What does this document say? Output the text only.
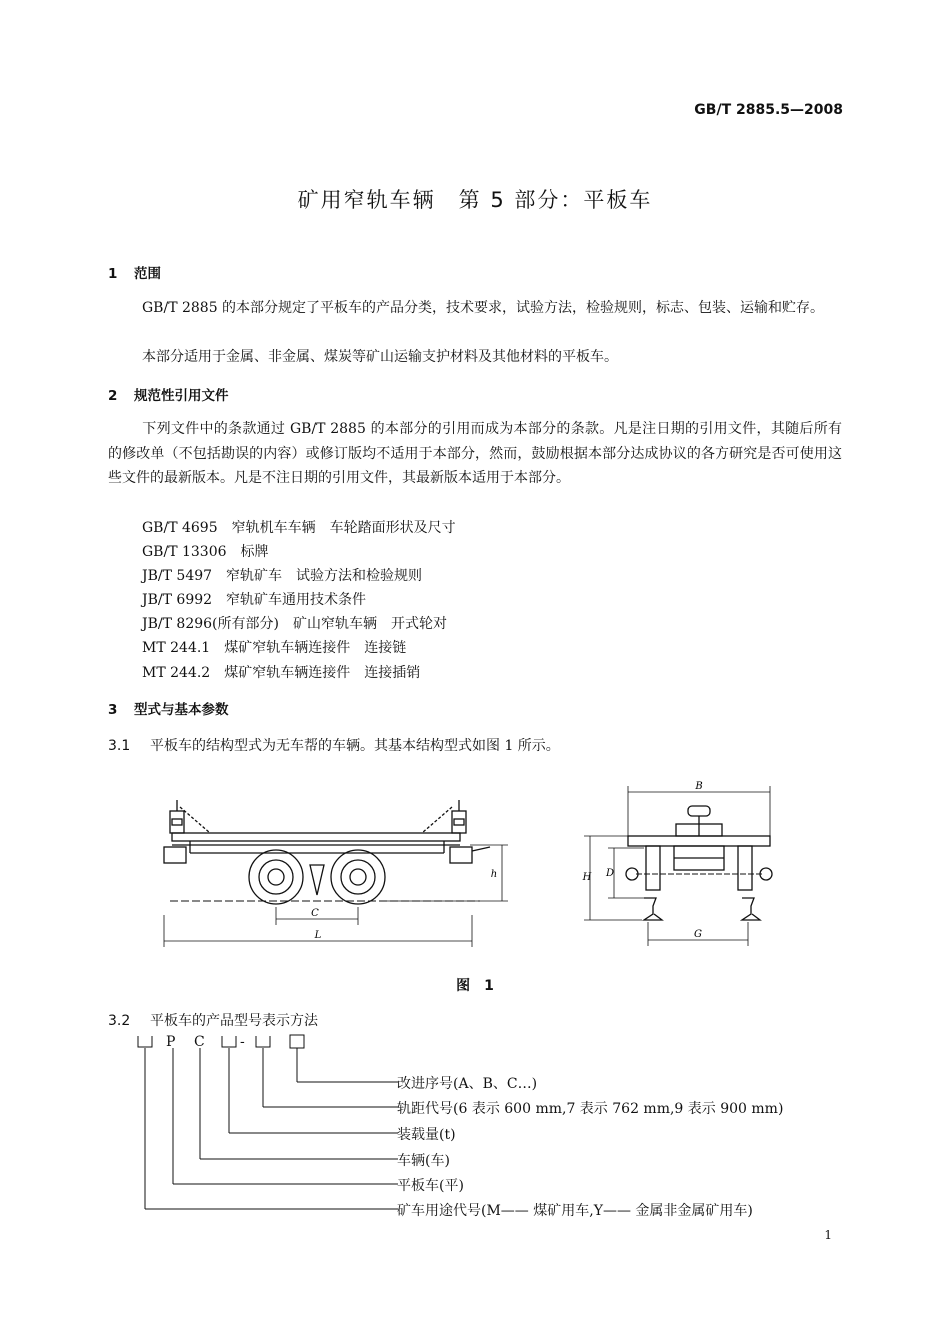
GB/T 2885.5—2008
矿用窄轨车辆　第 5 部分：平板车
1 范围
GB/T 2885 的本部分规定了平板车的产品分类，技术要求，试验方法，检验规则，标志、包装、运输和贮存。
本部分适用于金属、非金属、煤炭等矿山运输支护材料及其他材料的平板车。
2 规范性引用文件
下列文件中的条款通过 GB/T 2885 的本部分的引用而成为本部分的条款。凡是注日期的引用文件，其随后所有的修改单（不包括勘误的内容）或修订版均不适用于本部分，然而，鼓励根据本部分达成协议的各方研究是否可使用这些文件的最新版本。凡是不注日期的引用文件，其最新版本适用于本部分。
GB/T 4695　窄轨机车车辆　车轮踏面形状及尺寸
GB/T 13306　标牌
JB/T 5497　窄轨矿车　试验方法和检验规则
JB/T 6992　窄轨矿车通用技术条件
JB/T 8296(所有部分)　矿山窄轨车辆　开式轮对
MT 244.1　煤矿窄轨车辆连接件　连接链
MT 244.2　煤矿窄轨车辆连接件　连接插销
3 型式与基本参数
3.1 平板车的结构型式为无车帮的车辆。其基本结构型式如图 1 所示。
C
L
h
B
H D
G
图　1
3.2 平板车的产品型号表示方法
P C	-
改进序号(A、B、C…)
轨距代号(6 表示 600 mm,7 表示 762 mm,9 表示 900 mm)
装载量(t)
车辆(车)
平板车(平)
矿车用途代号(M—— 煤矿用车,Y—— 金属非金属矿用车)
1
